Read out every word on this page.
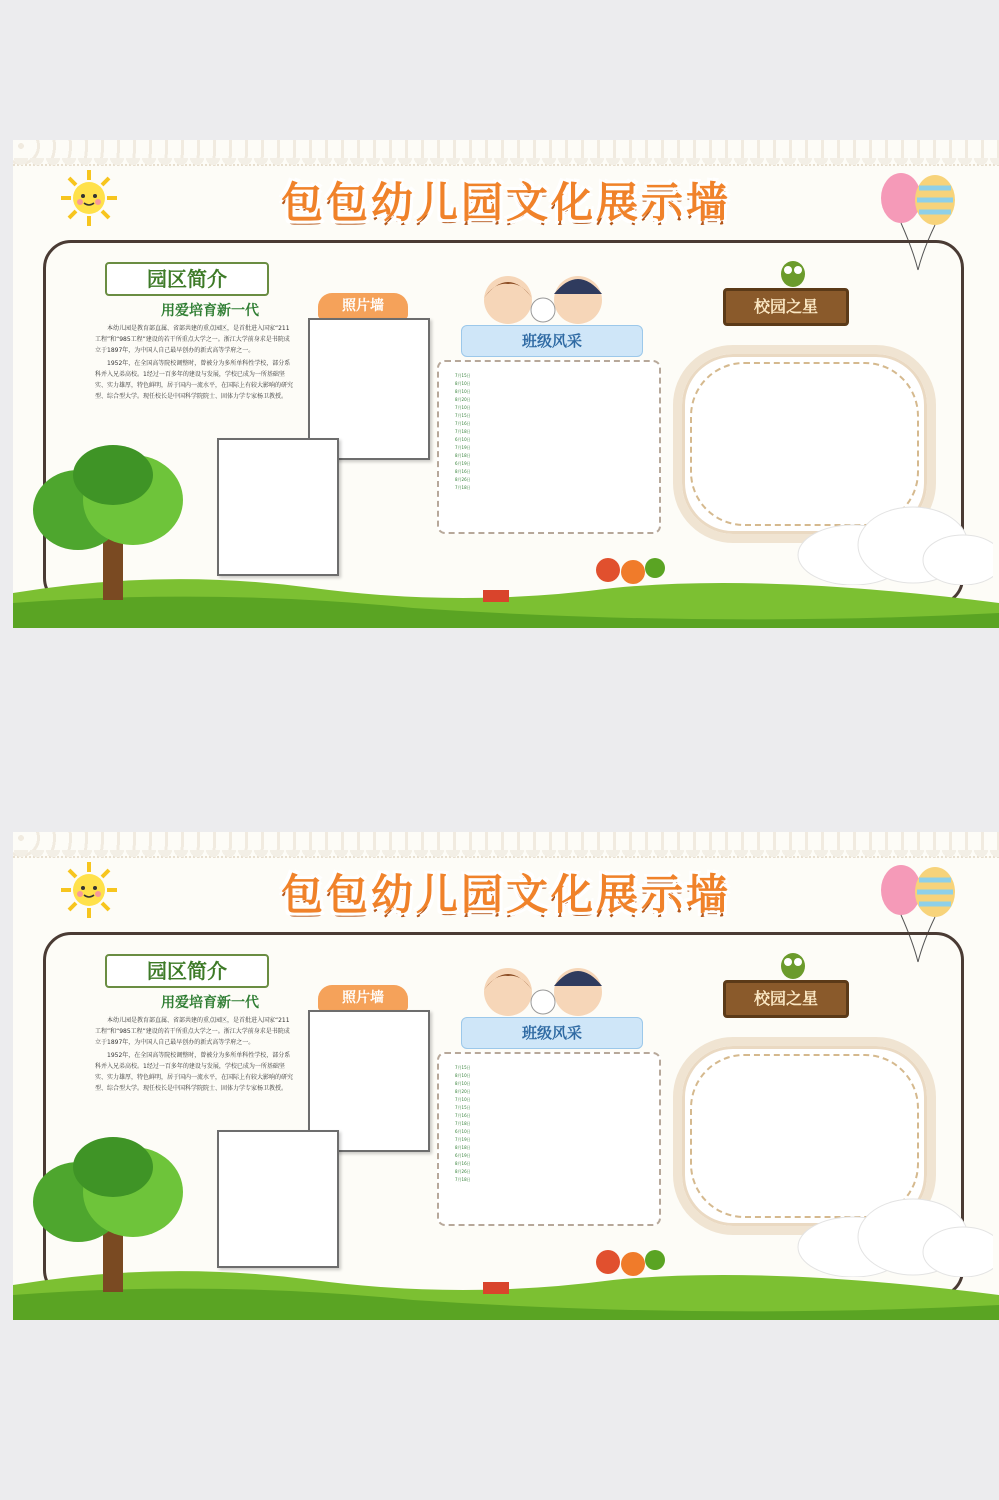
包包幼儿园文化展示墙
园区简介
用爱培育新一代

本幼儿园是教育部直属、省部共建的重点园区，是首批进入国家“211工程”和“985工程”建设的若干所重点大学之一。浙江大学前身求是书院成立于1897年，为中国人自己最早创办的新式高等学府之一。

1952年，在全国高等院校调整时，曾被分为多所单科性学校，部分系科并入兄弟高校。1经过一百多年的建设与发展，学校已成为一所基础坚实、实力雄厚，特色鲜明，居于国内一流水平，在国际上有较大影响的研究型、综合型大学。现任校长是中国科学院院士、固体力学专家杨卫教授。

照片墙
班级风采
7月15日
8月10日
8月10日
8月20日
7月10日
7月15日
7月16日
7月18日
6月10日
7月19日
8月18日
6月19日
8月16日
8月26日
7月18日
校园之星
包包幼儿园文化展示墙
园区简介
用爱培育新一代

本幼儿园是教育部直属、省部共建的重点园区，是首批进入国家“211工程”和“985工程”建设的若干所重点大学之一。浙江大学前身求是书院成立于1897年，为中国人自己最早创办的新式高等学府之一。

1952年，在全国高等院校调整时，曾被分为多所单科性学校，部分系科并入兄弟高校。1经过一百多年的建设与发展，学校已成为一所基础坚实、实力雄厚，特色鲜明，居于国内一流水平，在国际上有较大影响的研究型、综合型大学。现任校长是中国科学院院士、固体力学专家杨卫教授。

照片墙
班级风采
7月15日
8月10日
8月10日
8月20日
7月10日
7月15日
7月16日
7月18日
6月10日
7月19日
8月18日
6月19日
8月16日
8月26日
7月18日
校园之星
